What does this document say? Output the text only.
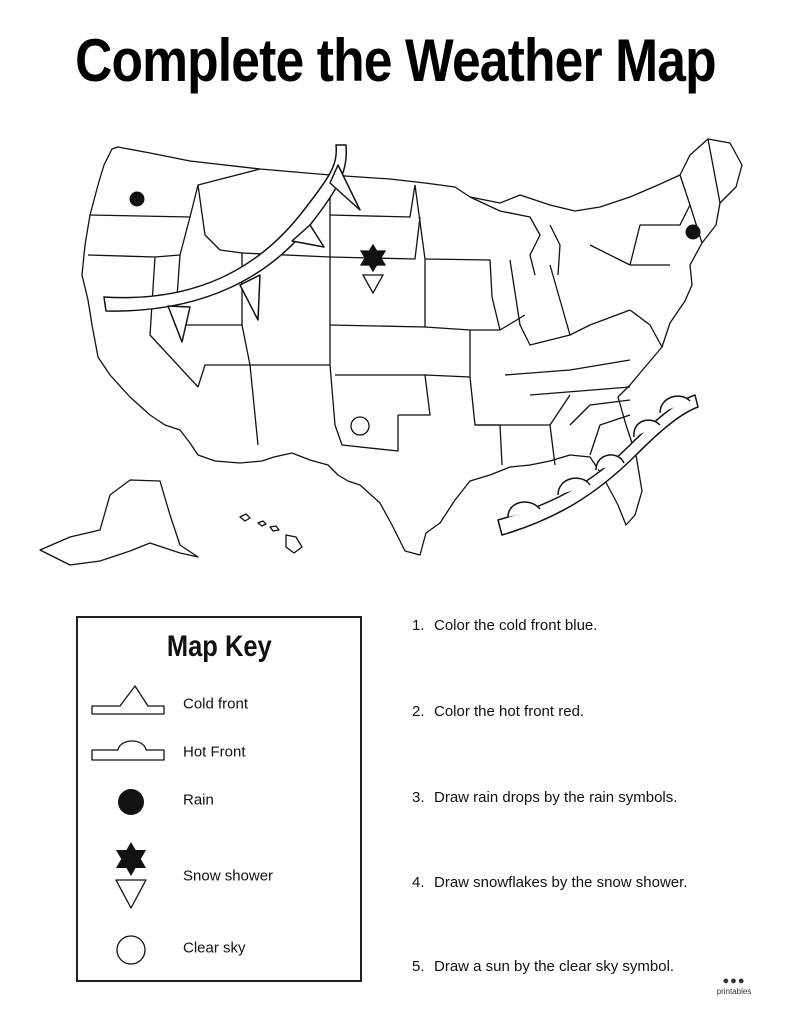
Complete the Weather Map
Map Key
Cold front
Hot Front
Rain
Snow shower
Clear sky
1. Color the cold front blue.
2. Color the hot front red.
3. Draw rain drops by the rain symbols.
4. Draw snowflakes by the snow shower.
5. Draw a sun by the clear sky symbol.
●●●
printables
